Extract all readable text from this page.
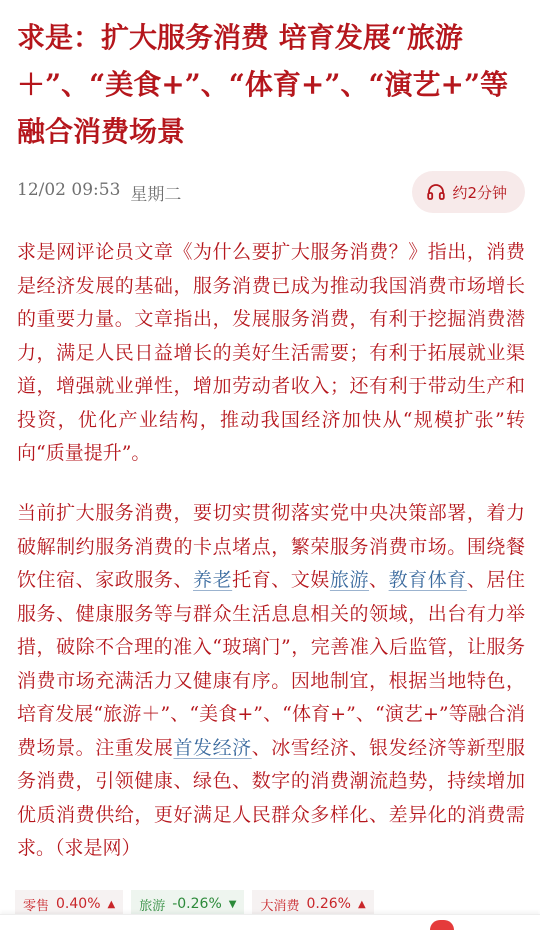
求是：扩大服务消费 培育发展“旅游＋”、“美食+”、“体育+”、“演艺+”等融合消费场景
12/02 09:53 星期二	约2分钟

求是网评论员文章《为什么要扩大服务消费？》指出，消费是经济发展的基础，服务消费已成为推动我国消费市场增长的重要力量。文章指出，发展服务消费，有利于挖掘消费潜力，满足人民日益增长的美好生活需要；有利于拓展就业渠道，增强就业弹性，增加劳动者收入；还有利于带动生产和投资，优化产业结构，推动我国经济加快从“规模扩张”转向“质量提升”。

当前扩大服务消费，要切实贯彻落实党中央决策部署，着力破解制约服务消费的卡点堵点，繁荣服务消费市场。围绕餐饮住宿、家政服务、养老托育、文娱旅游、教育体育、居住服务、健康服务等与群众生活息息相关的领域，出台有力举措，破除不合理的准入“玻璃门”，完善准入后监管，让服务消费市场充满活力又健康有序。因地制宜，根据当地特色，培育发展“旅游＋”、“美食+”、“体育+”、“演艺+”等融合消费场景。注重发展首发经济、冰雪经济、银发经济等新型服务消费，引领健康、绿色、数字的消费潮流趋势，持续增加优质消费供给，更好满足人民群众多样化、差异化的消费需求。（求是网）

零售 0.40% ▲ 旅游 -0.26% ▼ 大消费 0.26% ▲
